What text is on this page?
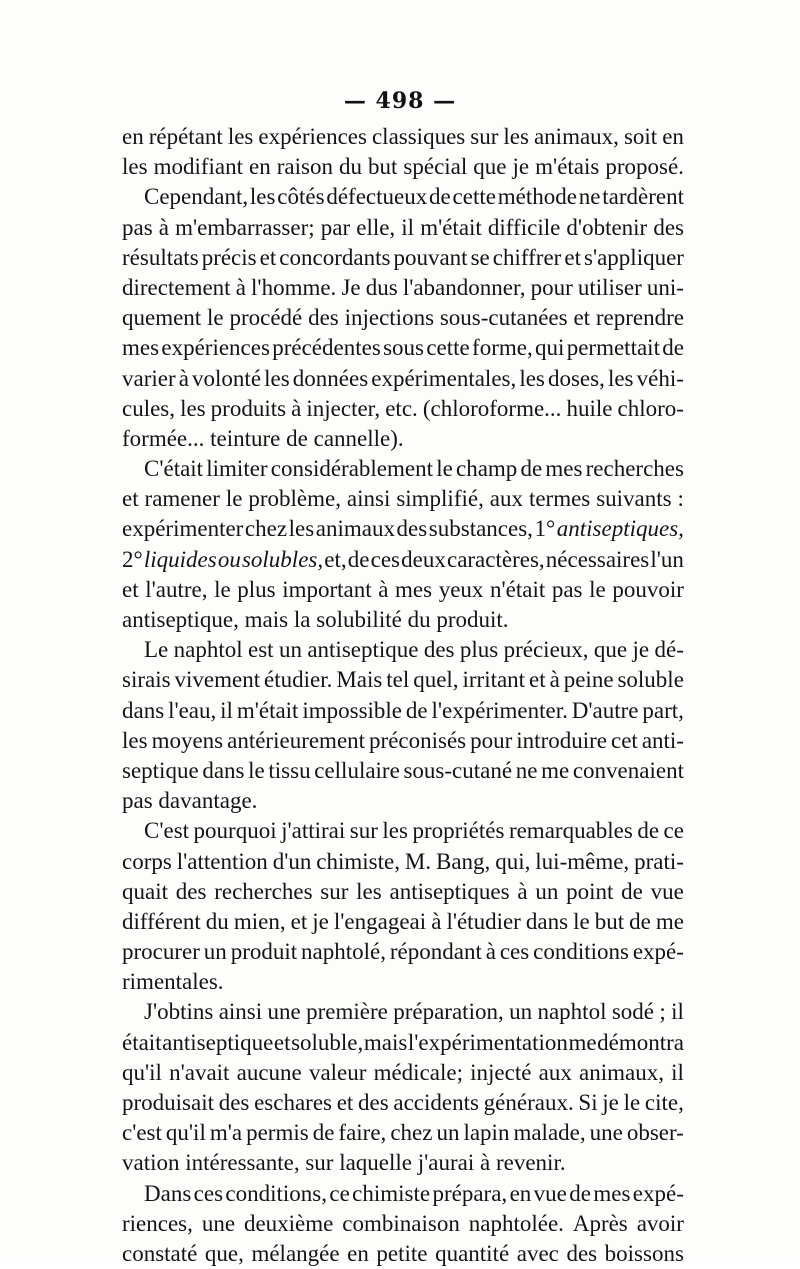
— 498 —
en répétant les expériences classiques sur les animaux, soit en
les modifiant en raison du but spécial que je m'étais proposé.
Cependant, les côtés défectueux de cette méthode ne tardèrent
pas à m'embarrasser; par elle, il m'était difficile d'obtenir des
résultats précis et concordants pouvant se chiffrer et s'appliquer
directement à l'homme. Je dus l'abandonner, pour utiliser uni-
quement le procédé des injections sous-cutanées et reprendre
mes expériences précédentes sous cette forme, qui permettait de
varier à volonté les données expérimentales, les doses, les véhi-
cules, les produits à injecter, etc. (chloroforme... huile chloro-
formée...
teinture
de
cannelle).
C'était limiter considérablement le champ de mes recherches
et ramener le problème, ainsi simplifié, aux termes suivants :
expérimenter chez les animaux des substances, 1° antiseptiques,
2° liquides ou solubles, et, de ces deux caractères, nécessaires l'un
et l'autre, le plus important à mes yeux n'était pas le pouvoir
antiseptique,
mais
la
solubilité
du
produit.
Le naphtol est un antiseptique des plus précieux, que je dé-
sirais vivement étudier. Mais tel quel, irritant et à peine soluble
dans l'eau, il m'était impossible de l'expérimenter. D'autre part,
les moyens antérieurement préconisés pour introduire cet anti-
septique dans le tissu cellulaire sous-cutané ne me convenaient
pas
davantage.
C'est pourquoi j'attirai sur les propriétés remarquables de ce
corps l'attention d'un chimiste, M. Bang, qui, lui-même, prati-
quait des recherches sur les antiseptiques à un point de vue
différent du mien, et je l'engageai à l'étudier dans le but de me
procurer un produit naphtolé, répondant à ces conditions expé-
rimentales.
J'obtins ainsi une première préparation, un naphtol sodé ; il
était antiseptique et soluble, mais l'expérimentation me démontra
qu'il n'avait aucune valeur médicale; injecté aux animaux, il
produisait des eschares et des accidents généraux. Si je le cite,
c'est qu'il m'a permis de faire, chez un lapin malade, une obser-
vation
intéressante,
sur
laquelle
j'aurai
à
revenir.
Dans ces conditions, ce chimiste prépara, en vue de mes expé-
riences, une deuxième combinaison naphtolée. Après avoir
constaté que, mélangée en petite quantité avec des boissons
